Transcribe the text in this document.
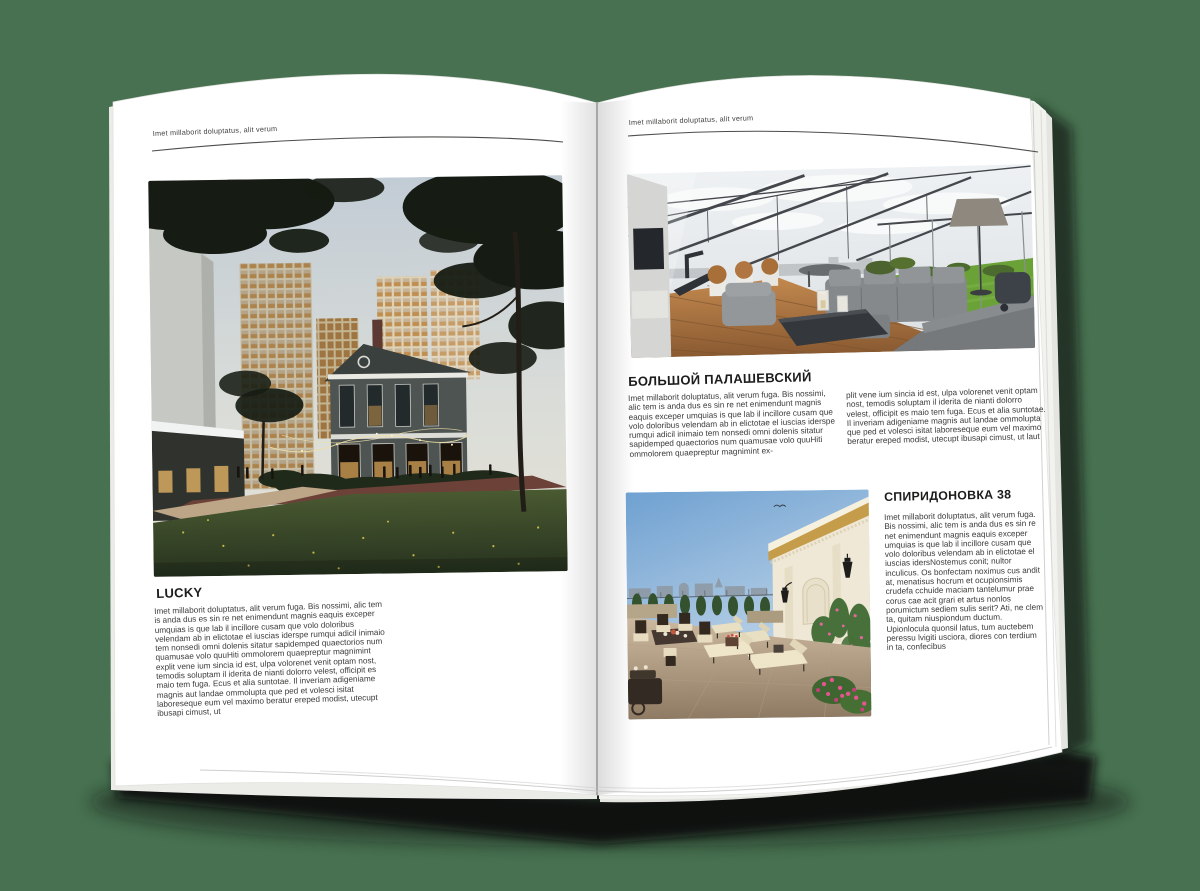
Imet millaborit doluptatus, alit verum
LUCKY

Imet millaborit doluptatus, alit verum fuga. Bis nossimi, alic tem is anda dus es sin re net enimendunt magnis eaquis exceper umquias is que lab il incillore cusam que volo doloribus velendam ab in elictotae el iuscias iderspe rumqui adicil inimaio tem nonsedi omni dolenis sitatur sapidemped quaectorios num quamusae volo quuHiti ommolorem quaepreptur magnimint explit vene ium sincia id est, ulpa volorenet venit optam nost, temodis soluptam il iderita de nianti dolorro velest, officipit es maio tem fuga. Ecus et alia suntotae. Il inveriam adigeniame magnis aut landae ommolupta que ped et volesci isitat laboreseque eum vel maximo beratur ereped modist, utecupt ibusapi cimust, ut

Imet millaborit doluptatus, alit verum
БОЛЬШОЙ ПАЛАШЕВСКИЙ

Imet millaborit doluptatus, alit verum fuga. Bis nossimi, alic tem is anda dus es sin re net enimendunt magnis eaquis exceper umquias is que lab il incillore cusam que volo doloribus velendam ab in elictotae el iuscias iderspe rumqui adicil inimaio tem nonsedi omni dolenis sitatur sapidemped quaectorios num quamusae volo quuHiti ommolorem quaepreptur magnimint ex-

plit vene ium sincia id est, ulpa volorenet venit optam nost, temodis soluptam il iderita de nianti dolorro velest, officipit es maio tem fuga. Ecus et alia suntotae. Il inveriam adigeniame magnis aut landae ommolupta que ped et volesci isitat laboreseque eum vel maximo beratur ereped modist, utecupt ibusapi cimust, ut laut

СПИРИДОНОВКА 38

Imet millaborit doluptatus, alit verum fuga. Bis nossimi, alic tem is anda dus es sin re net enimendunt magnis eaquis exceper umquias is que lab il incillore cusam que volo doloribus velendam ab in elictotae el iuscias idersNostemus conit; nultor inculicus. Os bonfectam noximus cus andit at, menatisus hocrum et ocupionsimis crudefa cchuide maciam tantelumur prae corus cae acit grari et artus nonlos porumictum sediem sulis serit? Ati, ne clem ta, quitam niuspiondum ductum. Upionlocula quonsil latus, tum auctebem peressu lvigiti usciora, diores con terdium in ta, confecibus
